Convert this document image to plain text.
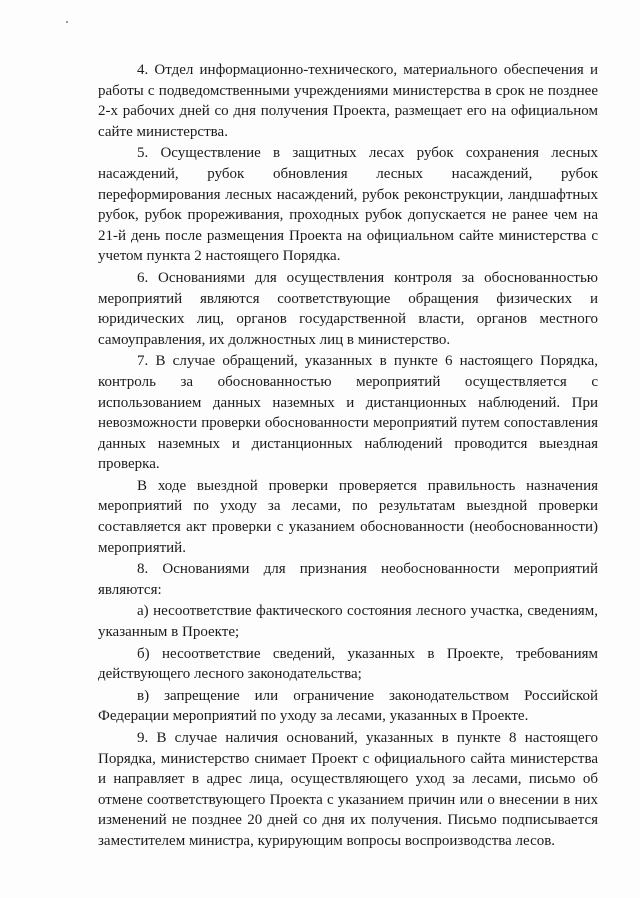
4. Отдел информационно-технического, материального обеспечения и работы с подведомственными учреждениями министерства в срок не позднее 2-х рабочих дней со дня получения Проекта, размещает его на официальном сайте министерства.

5. Осуществление в защитных лесах рубок сохранения лесных насаждений, рубок обновления лесных насаждений, рубок переформирования лесных насаждений, рубок реконструкции, ландшафтных рубок, рубок прореживания, проходных рубок допускается не ранее чем на 21-й день после размещения Проекта на официальном сайте министерства с учетом пункта 2 настоящего Порядка.

6. Основаниями для осуществления контроля за обоснованностью мероприятий являются соответствующие обращения физических и юридических лиц, органов государственной власти, органов местного самоуправления, их должностных лиц в министерство.

7. В случае обращений, указанных в пункте 6 настоящего Порядка, контроль за обоснованностью мероприятий осуществляется с использованием данных наземных и дистанционных наблюдений. При невозможности проверки обоснованности мероприятий путем сопоставления данных наземных и дистанционных наблюдений проводится выездная проверка.

В ходе выездной проверки проверяется правильность назначения мероприятий по уходу за лесами, по результатам выездной проверки составляется акт проверки с указанием обоснованности (необоснованности) мероприятий.

8. Основаниями для признания необоснованности мероприятий являются:

а) несоответствие фактического состояния лесного участка, сведениям, указанным в Проекте;

б) несоответствие сведений, указанных в Проекте, требованиям действующего лесного законодательства;

в) запрещение или ограничение законодательством Российской Федерации мероприятий по уходу за лесами, указанных в Проекте.

9. В случае наличия оснований, указанных в пункте 8 настоящего Порядка, министерство снимает Проект с официального сайта министерства и направляет в адрес лица, осуществляющего уход за лесами, письмо об отмене соответствующего Проекта с указанием причин или о внесении в них изменений не позднее 20 дней со дня их получения. Письмо подписывается заместителем министра, курирующим вопросы воспроизводства лесов.
